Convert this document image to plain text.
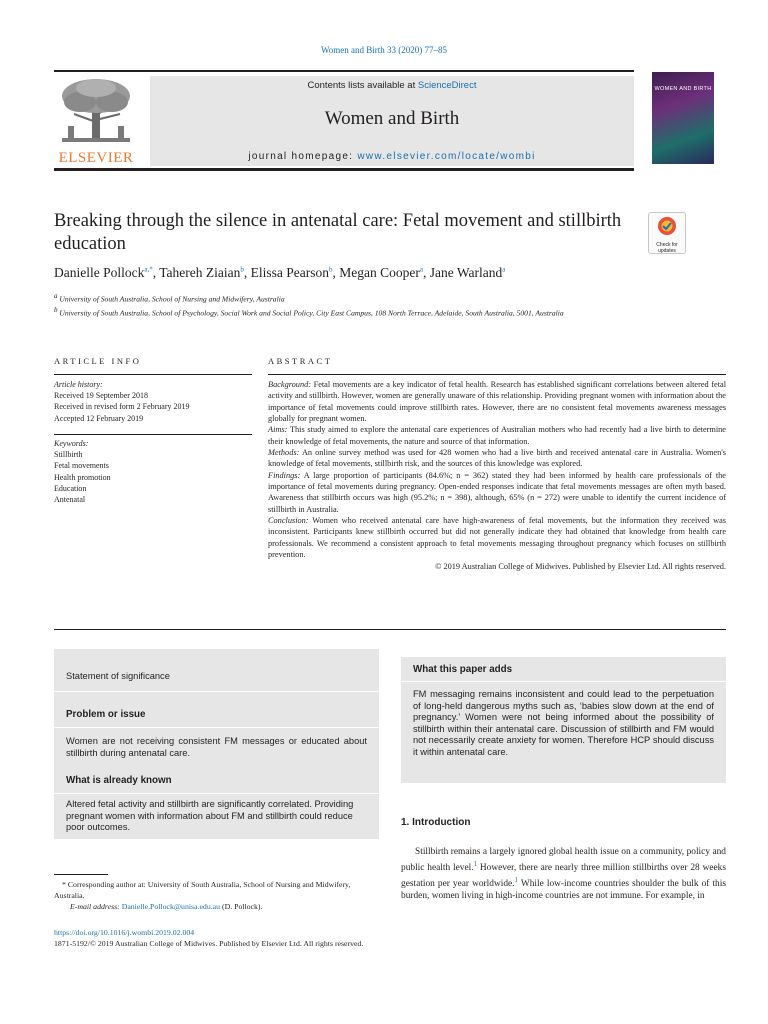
Women and Birth 33 (2020) 77–85
ELSEVIER
Contents lists available at ScienceDirect
Women and Birth
journal homepage: www.elsevier.com/locate/wombi
WOMEN AND BIRTH
Breaking through the silence in antenatal care: Fetal movement and stillbirth education	Check for updates
Danielle Pollock$^{a,*}$, Tahereh Ziaian$^b$, Elissa Pearson$^b$, Megan Cooper$^a$, Jane Warland$^a$
$^a$ University of South Australia, School of Nursing and Midwifery, Australia
$^b$ University of South Australia, School of Psychology, Social Work and Social Policy, City East Campus, 108 North Terrace, Adelaide, South Australia, 5001, Australia
ARTICLE INFO	ABSTRACT
Article history:
Received 19 September 2018
Received in revised form 2 February 2019
Accepted 12 February 2019
Keywords:
Stillbirth
Fetal movements
Health promotion
Education
Antenatal

Background: Fetal movements are a key indicator of fetal health. Research has established significant correlations between altered fetal activity and stillbirth. However, women are generally unaware of this relationship. Providing pregnant women with information about the importance of fetal movements could improve stillbirth rates. However, there are no consistent fetal movements awareness messages globally for pregnant women.

Aims: This study aimed to explore the antenatal care experiences of Australian mothers who had recently had a live birth to determine their knowledge of fetal movements, the nature and source of that information.

Methods: An online survey method was used for 428 women who had a live birth and received antenatal care in Australia. Women's knowledge of fetal movements, stillbirth risk, and the sources of this knowledge was explored.

Findings: A large proportion of participants (84.6%; n = 362) stated they had been informed by health care professionals of the importance of fetal movements during pregnancy. Open-ended responses indicate that fetal movements messages are often myth based. Awareness that stillbirth occurs was high (95.2%; n = 398), although, 65% (n = 272) were unable to identify the current incidence of stillbirth in Australia.

Conclusion: Women who received antenatal care have high-awareness of fetal movements, but the information they received was inconsistent. Participants knew stillbirth occurred but did not generally indicate they had obtained that knowledge from health care professionals. We recommend a consistent approach to fetal movements messaging throughout pregnancy which focuses on stillbirth prevention.

© 2019 Australian College of Midwives. Published by Elsevier Ltd. All rights reserved.

Statement of significance
Problem or issue
Women are not receiving consistent FM messages or educated about stillbirth during antenatal care.
What is already known
Altered fetal activity and stillbirth are significantly correlated. Providing pregnant women with information about FM and stillbirth could reduce poor outcomes.
What this paper adds
FM messaging remains inconsistent and could lead to the perpetuation of long-held dangerous myths such as, ‘babies slow down at the end of pregnancy.’ Women were not being informed about the possibility of stillbirth within their antenatal care. Discussion of stillbirth and FM would not necessarily create anxiety for women. Therefore HCP should discuss it within antenatal care.
1. Introduction
Stillbirth remains a largely ignored global health issue on a community, policy and public health level.$^1$ However, there are nearly three million stillbirths over 28 weeks gestation per year worldwide.$^1$ While low-income countries shoulder the bulk of this burden, women living in high-income countries are not immune. For example, in
* Corresponding author at: University of South Australia, School of Nursing and Midwifery, Australia.
E-mail address: Danielle.Pollock@unisa.edu.au (D. Pollock).
https://doi.org/10.1016/j.wombi.2019.02.004
1871-5192/© 2019 Australian College of Midwives. Published by Elsevier Ltd. All rights reserved.
